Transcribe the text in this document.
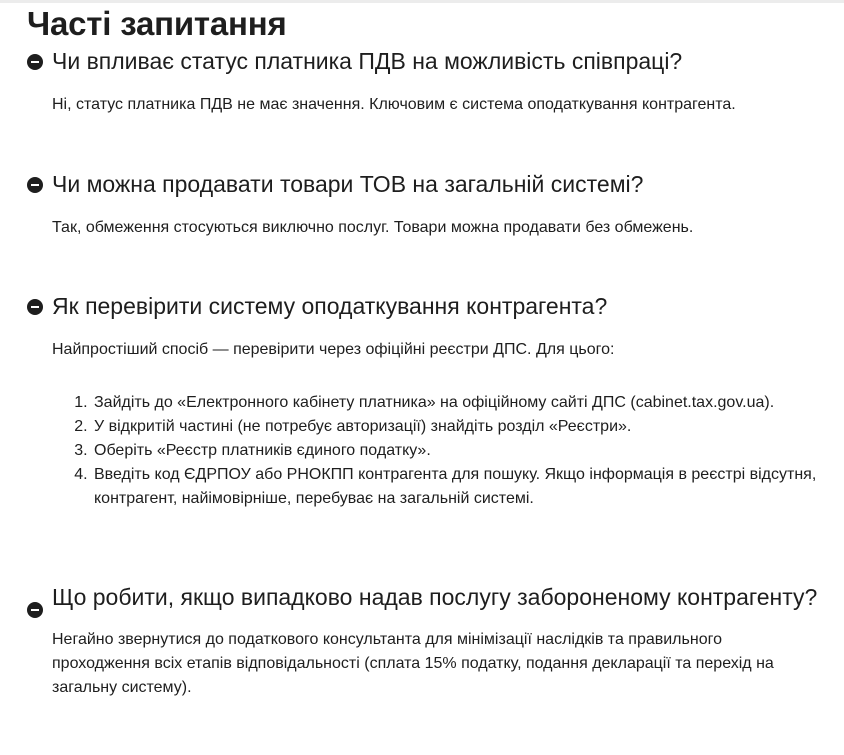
Часті запитання
Чи впливає статус платника ПДВ на можливість співпраці?

Ні, статус платника ПДВ не має значення. Ключовим є система оподаткування контрагента.

Чи можна продавати товари ТОВ на загальній системі?

Так, обмеження стосуються виключно послуг. Товари можна продавати без обмежень.

Як перевірити систему оподаткування контрагента?

Найпростіший спосіб — перевірити через офіційні реєстри ДПС. Для цього:

1. Зайдіть до «Електронного кабінету платника» на офіційному сайті ДПС (cabinet.tax.gov.ua).
2. У відкритій частині (не потребує авторизації) знайдіть розділ «Реєстри».
3. Оберіть «Реєстр платників єдиного податку».
4. Введіть код ЄДРПОУ або РНОКПП контрагента для пошуку. Якщо інформація в реєстрі відсутня, контрагент, найімовірніше, перебуває на загальній системі.
Що робити, якщо випадково надав послугу забороненому контрагенту?

Негайно звернутися до податкового консультанта для мінімізації наслідків та правильного проходження всіх етапів відповідальності (сплата 15% податку, подання декларації та перехід на загальну систему).
